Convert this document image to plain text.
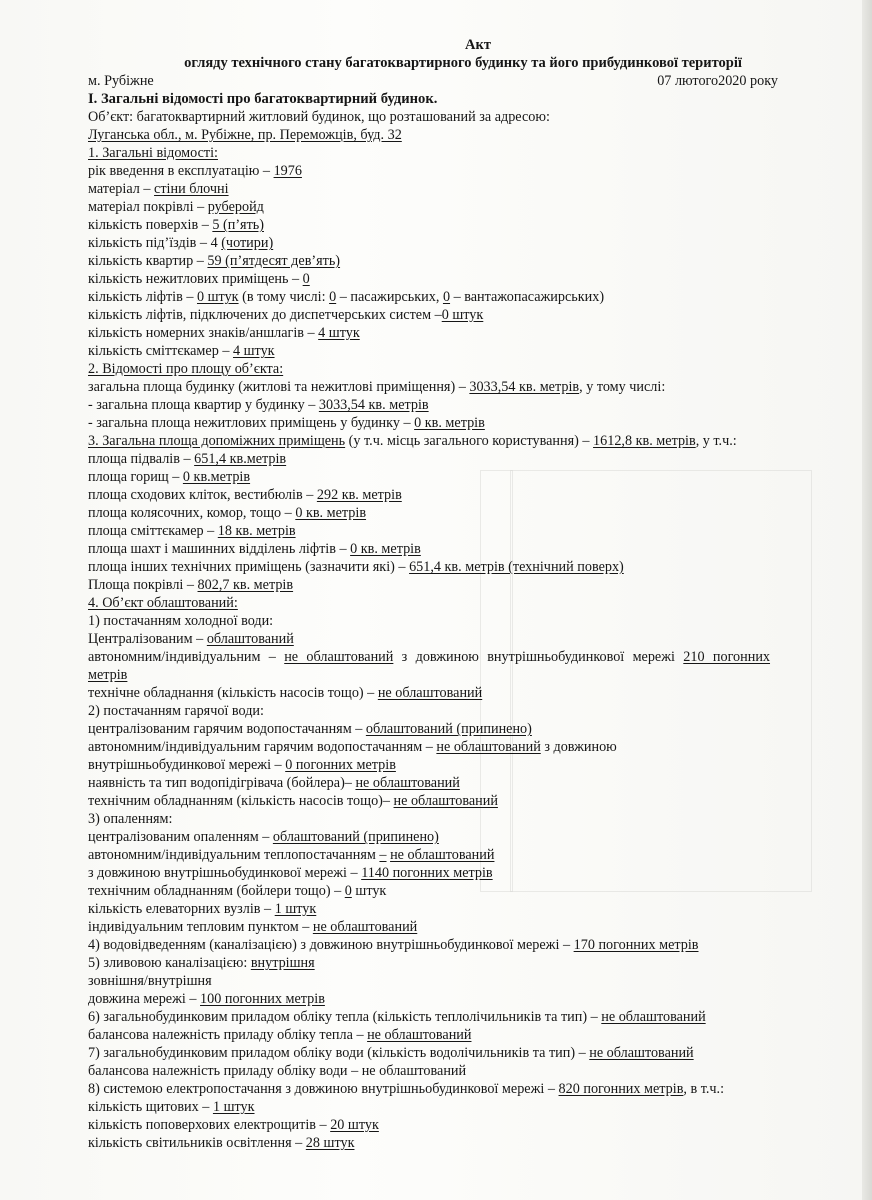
Акт
огляду технічного стану багатоквартирного будинку та його прибудинкової території
м. Рубіжне	07 лютого2020 року
І. Загальні відомості про багатоквартирний будинок.
Об’єкт: багатоквартирний житловий будинок, що розташований за адресою:
Луганська обл., м. Рубіжне, пр. Переможців, буд. 32
1. Загальні відомості:
рік введення в експлуатацію – 1976
матеріал – стіни блочні
матеріал покрівлі – руберойд
кількість поверхів – 5 (п’ять)
кількість під’їздів – 4 (чотири)
кількість квартир – 59 (п’ятдесят дев’ять)
кількість нежитлових приміщень – 0
кількість ліфтів – 0 штук (в тому числі: 0 – пасажирських, 0 – вантажопасажирських)
кількість ліфтів, підключених до диспетчерських систем –0 штук
кількість номерних знаків/аншлагів – 4 штук
кількість сміттєкамер – 4 штук
2. Відомості про площу об’єкта:
загальна площа будинку (житлові та нежитлові приміщення) – 3033,54 кв. метрів, у тому числі:
- загальна площа квартир у будинку – 3033,54 кв. метрів
- загальна площа нежитлових приміщень у будинку – 0 кв. метрів
3. Загальна площа допоміжних приміщень (у т.ч. місць загального користування) – 1612,8 кв. метрів, у т.ч.:
площа підвалів – 651,4 кв.метрів
площа горищ – 0 кв.метрів
площа сходових кліток, вестибюлів – 292 кв. метрів
площа колясочних, комор, тощо – 0 кв. метрів
площа сміттєкамер – 18 кв. метрів
площа шахт і машинних відділень ліфтів – 0 кв. метрів
площа інших технічних приміщень (зазначити які) – 651,4 кв. метрів (технічний поверх)
Площа покрівлі – 802,7 кв. метрів
4. Об’єкт облаштований:
1) постачанням холодної води:
Централізованим – облаштований
автономним/індивідуальним – не облаштований з довжиною внутрішньобудинкової мережі 210 погонних метрів
технічне обладнання (кількість насосів тощо) – не облаштований
2) постачанням гарячої води:
централізованим гарячим водопостачанням – облаштований (припинено)
автономним/індивідуальним гарячим водопостачанням – не облаштований з довжиною
внутрішньобудинкової мережі – 0 погонних метрів
наявність та тип водопідігрівача (бойлера)– не облаштований
технічним обладнанням (кількість насосів тощо)– не облаштований
3) опаленням:
централізованим опаленням – облаштований (припинено)
автономним/індивідуальним теплопостачанням – не облаштований
з довжиною внутрішньобудинкової мережі – 1140 погонних метрів
технічним обладнанням (бойлери тощо) – 0 штук
кількість елеваторних вузлів – 1 штук
індивідуальним тепловим пунктом – не облаштований
4) водовідведенням (каналізацією) з довжиною внутрішньобудинкової мережі – 170 погонних метрів
5) зливовою каналізацією: внутрішня
зовнішня/внутрішня
довжина мережі – 100 погонних метрів
6) загальнобудинковим приладом обліку тепла (кількість теплолічильників та тип) – не облаштований
балансова належність приладу обліку тепла – не облаштований
7) загальнобудинковим приладом обліку води (кількість водолічильників та тип) – не облаштований
балансова належність приладу обліку води – не облаштований
8) системою електропостачання з довжиною внутрішньобудинкової мережі – 820 погонних метрів, в т.ч.:
кількість щитових – 1 штук
кількість поповерхових електрощитів – 20 штук
кількість світильників освітлення – 28 штук
